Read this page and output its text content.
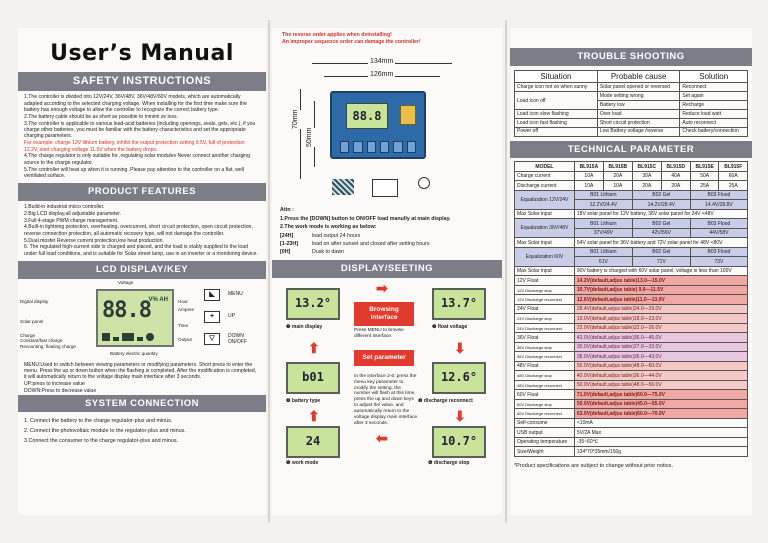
User’s Manual
SAFETY INSTRUCTIONS

1.The controller is divided into 12V/24V, 36V/48V, 36V/48V/60V models, which are automatically adapted according to the selected charging voltage. When installing for the first time make sure the battery has enough voltage to allow the controller to recognize the correct battery type.

2.The battery cable should be as short as possible to minimi ze loss.

3.The controller is applicable to various lead-acid batteries (including openings, seals, gels, etc.), if you charge other batteries, you must be familiar with the battery characteristics and set the appropriate charging parameters.

For example: charge 12V lithium battery, inhibit the output protection setting 9.5V, full of protection 12.2V, start charging voltage 11.5V when the battery drops.

4.The charge regulator is only suitable for ,regulating solar modules Never connect another charging source to the charge regulator.

5.The controller will heat up when it is running. Please pay attention to the controller on a flat, well ventilated surface.

PRODUCT FEATURES

1.Build-in industrial micro controller.

2.Big LCD display,all adjustable parameter.

3.Full 4-stage PWM charge management.

4.Built-in lightning protection, overheating, overcurrent, short circuit protection, open circuit protection, reverse connection protection, all automatic recovery type, will not damage the controller.

5.Dual mosfet Reverse current protection,low heat production.

6. The regulated high-current side is charged and placed, and the load is stably supplied to the load under full load conditions, and is suitable for Solar street lamp, use in an inverter or a monitoring device.

LCD DISPLAY/KEY
Voltage
Digital display
Solar panel
Charge
Constant/fast charge
Recounting, floating charge
Battery electric quantity
Hour
Ampere
Time
Output
88.8
V% AH
◣	MENU
+	UP
▽	DOWN
ON/OFF

MENU:Used to switch between viewing parameters or modifying parameters. Short press to enter the menu. Press the up or down button when the flashing is completed. After the modification is completed, it will automatically return to the voltage display main interface after 3 seconds.

UP:press to increase value

DOWN:Press to decrease value

SYSTEM CONNECTION

1. Connect the battery to the charge regulator-plus and minus.

2. Connect the photovoltaic module to the regulator-plus and minus.

3.Connect the consumer to the charge regulator-plus and minus.

The reverse order applies when deinstalling!

An improper sequence order can damage the controller!

134mm
126mm
70mm
50mm
88.8

Attn :

1.Press the [DOWN] button to ON/OFF load manully at main display.

2.The work mode is working as below:

[24H]	load output 24 hours
[1-23H]	load on after sunset and closed after setting hours
[0H]	Dusk to dawn
DISPLAY/SEETING
13.2°
❶ main display
➡
13.7°
❷ float voltage
Browsing interface
Press MENU to browse different interface.
⬆	⬇
Set parameter
b01
❹ battery type
12.6°
❸ discharge reconnect
In the interface 2-6: press the menu key parameter to modify the setting, the number will flash at this time, press the up and down keys to adjust the value, and automatically return to the voltage display main interface after 3 seconds.
⬆	⬇
24
❺ work mode
⬅	10.7°
❻ discharge stop
TROUBLE SHOOTING
Situation	Probable cause	Solution
Charge icon not on when sunny	Solar panel opened or reversed	Reconnect
Load icon off	Mode setting wrong	Set again
	Battery low	Recharge
Load icon slow flashing	Over load	Reduce load watt
Load icon fast flashing	Short circuit protection	Auto reconnect
Power off	Low Battery voltage /reverse	Check battery/connection
TECHNICAL PARAMETER
MODEL	BL915A	BL915B	BL915C	BL915D	BL915E	BL915F
Charge current	10A	20A	30A	40A	50A	60A
Discharge current	10A	10A	20A	20A	25A	25A
Equalization 12V/24V	B01 Lithium		B02 Gel		B03 Flood	
	12.2V/24.4V		14.2V/28.4V		14.4V/28.8V	
Max Solar input	18V solar panel for 12V battery, 36V solar panel for 24V <48V					
Equalization 36V/48V	B01 Lithium		B02 Gel		B03 Flood	
	37V/49V		42V/56V		44V/58V	
Max Solar input	54V solar panel for 36V battery and 72V solar panel for 48V <80V					
Equalization 60V	B01 Lithium		B02 Gel		B03 Flood	
	61V		71V		73V	
Max Solar input	90V battery is charged with 60V solar panel, voltage is less than 100V					
12V Float	14.2V(default,adjus table)13.0—15.0V					
12V Discharge stop	10.7V(default,adjus table) 9.0—11.5V					
12V Discharge reconnect	12.6V(default,adjus table)11.0—13.0V					
24V Float	28.4V(default,adjus table)24.0—29.0V					
24V Discharge stop	19.0V(default,adjus table)18.0—23.0V					
24V Discharge reconnect	22.0V(default,adjus table)22.0—26.0V					
36V Float	42.0V(default,adjus table)36.0—45.0V					
36V Discharge stop	30.0V(default,adjus table)27.0—33.0V					
36V Discharge reconnect	38.0V(default,adjus table)36.0—43.0V					
48V Float	56.0V(default,adjus table)48.0—60.0V					
48V Discharge stop	40.0V(default,adjus table)36.0—44.0V					
48V Discharge reconnect	50.0V(default,adjus table)48.0—56.0V					
60V Float	71.0V(default,adjus table)60.0—75.0V					
60V Discharge stop	50.0V(default,adjus table)45.0—55.0V					
60V Discharge reconnect	63.0V(default,adjus table)60.0—70.0V					
Self-consume	<10mA					
USB output	5V/2A Max					
Operating temperature	-35~60℃					
Size/Weight	134*70*35mm/150g					
*Product specifications are subject to change without prior notice.
